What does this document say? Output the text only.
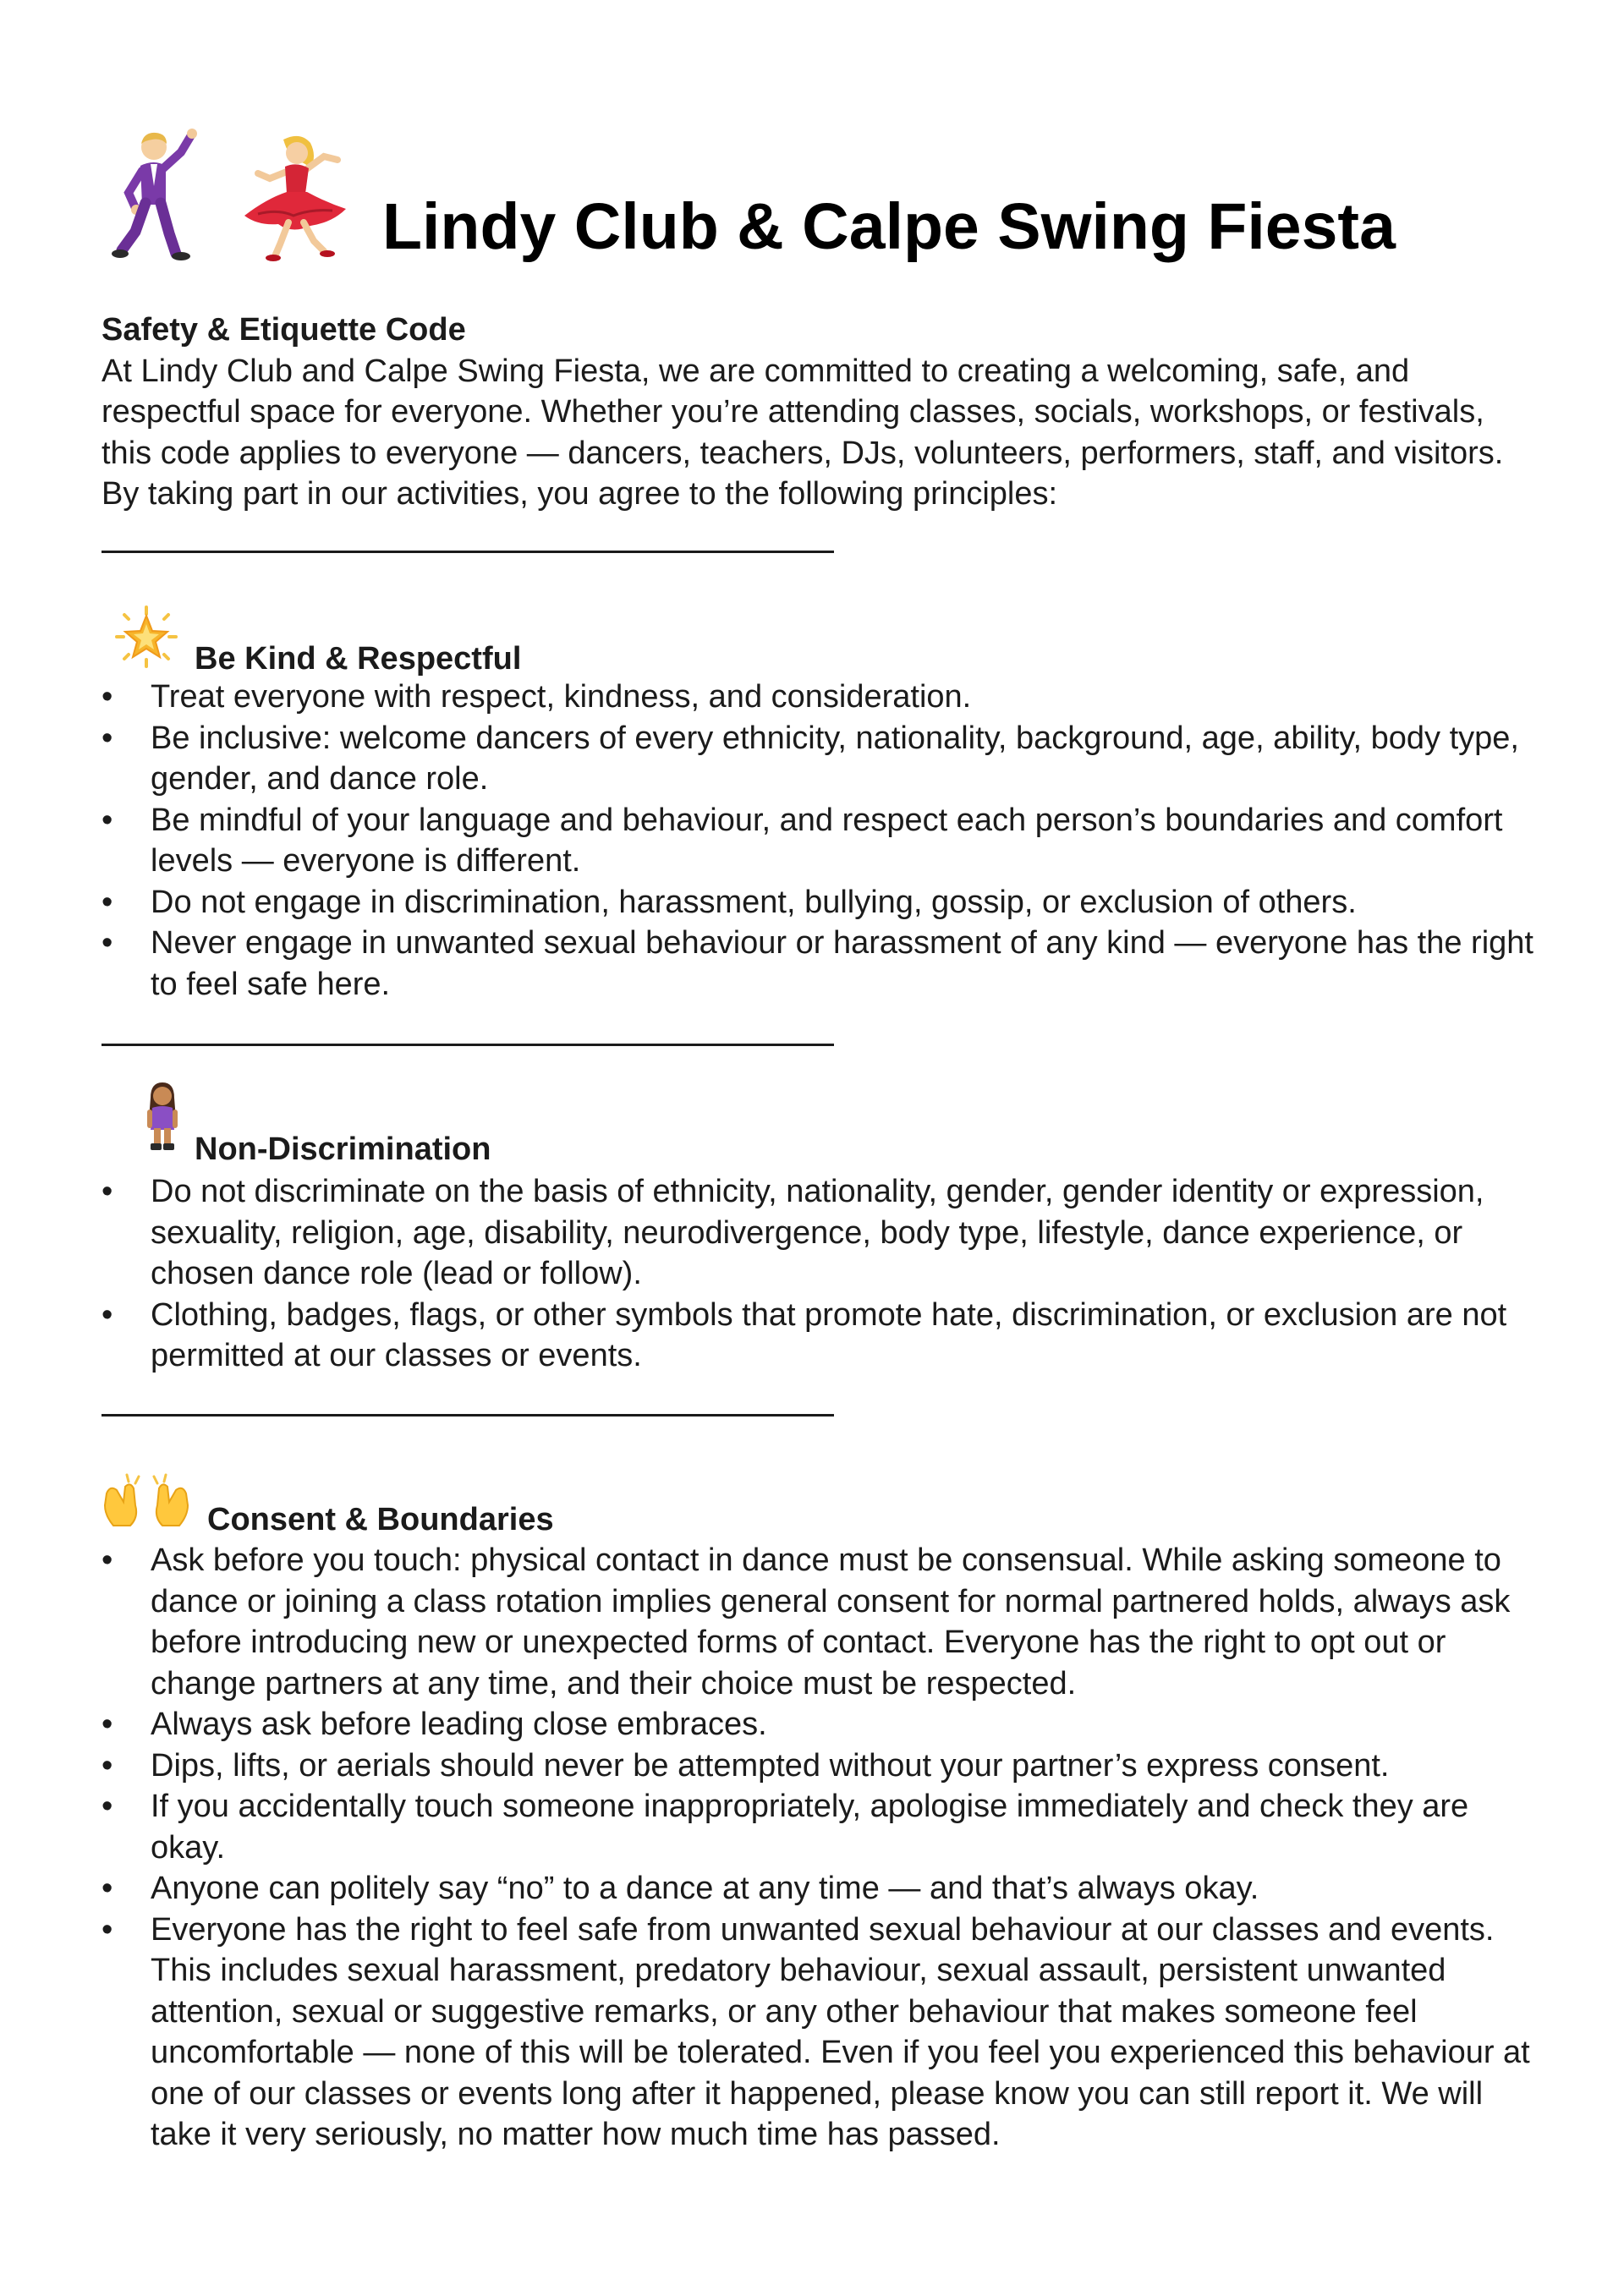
Lindy Club & Calpe Swing Fiesta
Safety & Etiquette Code

At Lindy Club and Calpe Swing Fiesta, we are committed to creating a welcoming, safe, and respectful space for everyone. Whether you’re attending classes, socials, workshops, or festivals, this code applies to everyone — dancers, teachers, DJs, volunteers, performers, staff, and visitors. By taking part in our activities, you agree to the following principles:

Be Kind & Respectful
• Treat everyone with respect, kindness, and consideration.
• Be inclusive: welcome dancers of every ethnicity, nationality, background, age, ability, body type, gender, and dance role.
• Be mindful of your language and behaviour, and respect each person’s boundaries and comfort levels — everyone is different.
• Do not engage in discrimination, harassment, bullying, gossip, or exclusion of others.
• Never engage in unwanted sexual behaviour or harassment of any kind — everyone has the right to feel safe here.
Non-Discrimination
• Do not discriminate on the basis of ethnicity, nationality, gender, gender identity or expression, sexuality, religion, age, disability, neurodivergence, body type, lifestyle, dance experience, or chosen dance role (lead or follow).
• Clothing, badges, flags, or other symbols that promote hate, discrimination, or exclusion are not permitted at our classes or events.
Consent & Boundaries
• Ask before you touch: physical contact in dance must be consensual. While asking someone to dance or joining a class rotation implies general consent for normal partnered holds, always ask before introducing new or unexpected forms of contact. Everyone has the right to opt out or change partners at any time, and their choice must be respected.
• Always ask before leading close embraces.
• Dips, lifts, or aerials should never be attempted without your partner’s express consent.
• If you accidentally touch someone inappropriately, apologise immediately and check they are okay.
• Anyone can politely say “no” to a dance at any time — and that’s always okay.
• Everyone has the right to feel safe from unwanted sexual behaviour at our classes and events. This includes sexual harassment, predatory behaviour, sexual assault, persistent unwanted attention, sexual or suggestive remarks, or any other behaviour that makes someone feel uncomfortable — none of this will be tolerated. Even if you feel you experienced this behaviour at one of our classes or events long after it happened, please know you can still report it. We will take it very seriously, no matter how much time has passed.
